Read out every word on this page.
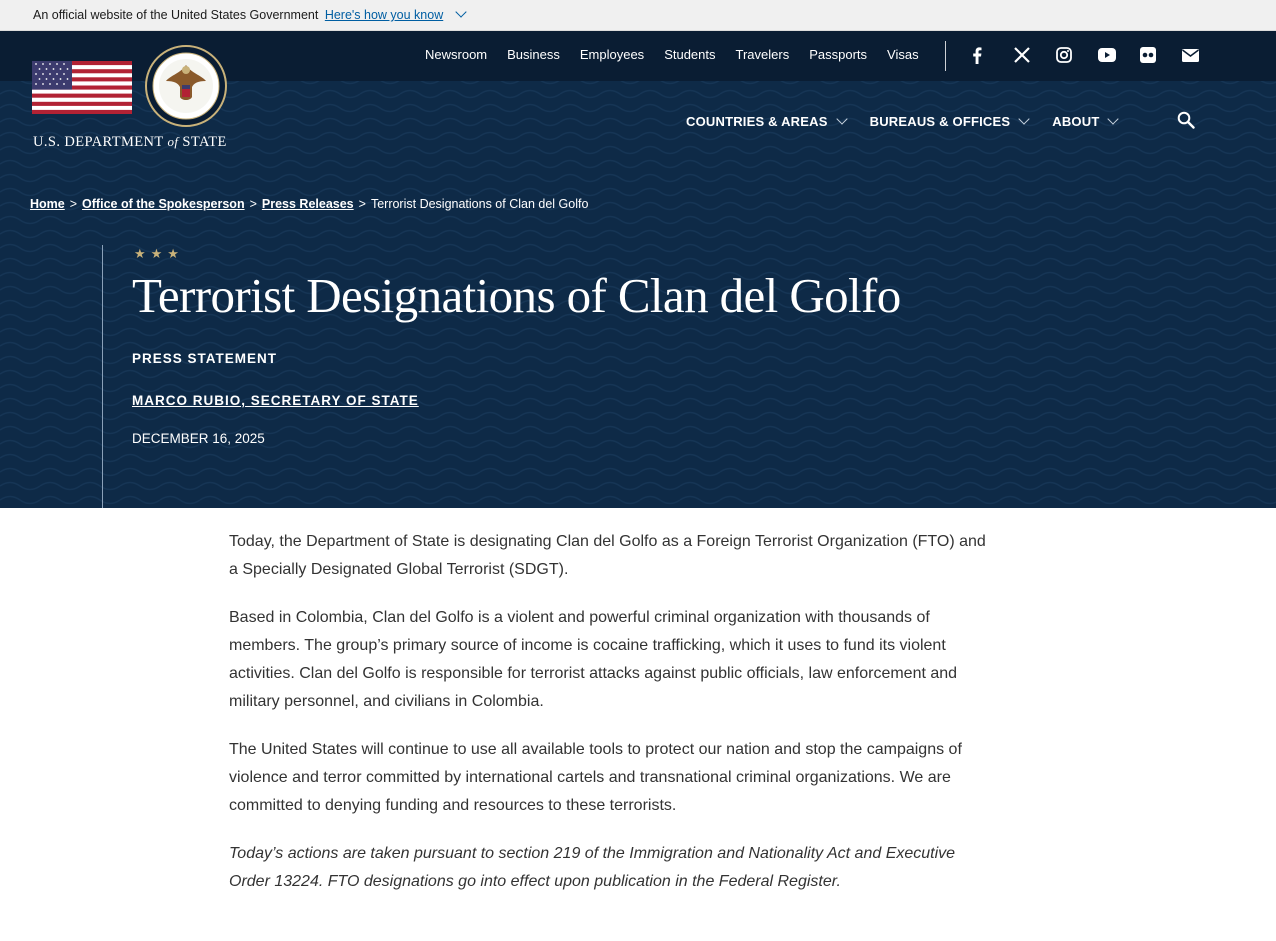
An official website of the United States Government Here's how you know
Newsroom Business Employees Students Travelers Passports Visas
U.S. DEPARTMENT of STATE
COUNTRIES & AREAS	BUREAUS & OFFICES	ABOUT
Home > Office of the Spokesperson > Press Releases > Terrorist Designations of Clan del Golfo
★★★
Terrorist Designations of Clan del Golfo
PRESS STATEMENT
MARCO RUBIO, SECRETARY OF STATE
DECEMBER 16, 2025

Today, the Department of State is designating Clan del Golfo as a Foreign Terrorist Organization (FTO) and a Specially Designated Global Terrorist (SDGT).

Based in Colombia, Clan del Golfo is a violent and powerful criminal organization with thousands of members. The group’s primary source of income is cocaine trafficking, which it uses to fund its violent activities. Clan del Golfo is responsible for terrorist attacks against public officials, law enforcement and military personnel, and civilians in Colombia.

The United States will continue to use all available tools to protect our nation and stop the campaigns of violence and terror committed by international cartels and transnational criminal organizations. We are committed to denying funding and resources to these terrorists.

Today’s actions are taken pursuant to section 219 of the Immigration and Nationality Act and Executive Order 13224. FTO designations go into effect upon publication in the Federal Register.
